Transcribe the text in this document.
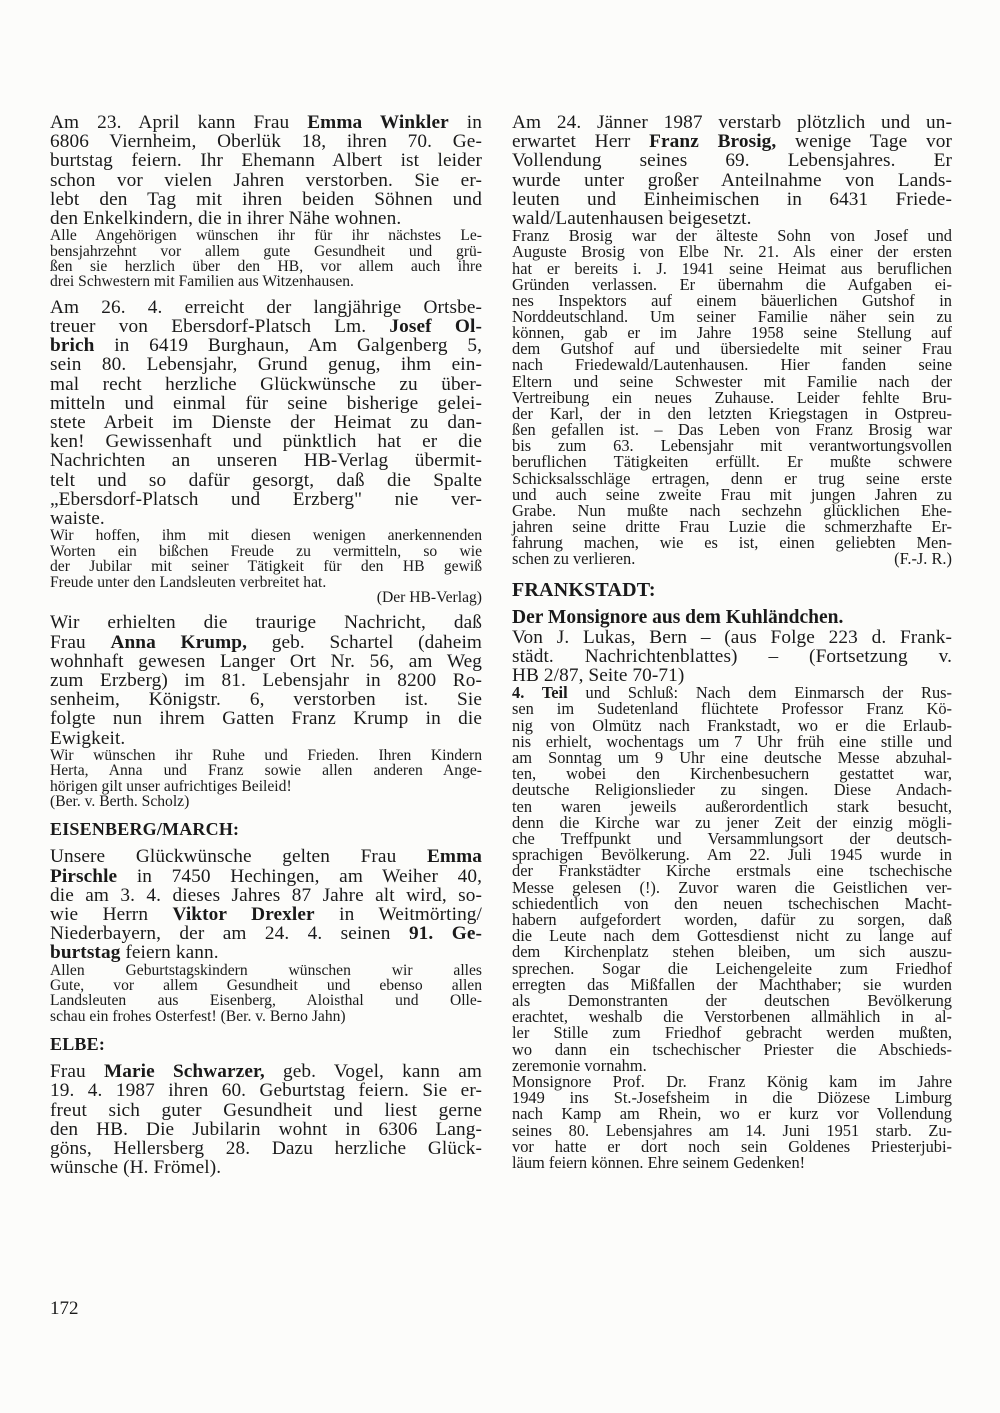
Am 23. April kann Frau Emma Winkler in
6806 Viernheim, Oberlük 18, ihren 70. Ge-
burtstag feiern. Ihr Ehemann Albert ist leider
schon vor vielen Jahren verstorben. Sie er-
lebt den Tag mit ihren beiden Söhnen und
den Enkelkindern, die in ihrer Nähe wohnen.
Alle Angehörigen wünschen ihr für ihr nächstes Le-
bensjahrzehnt vor allem gute Gesundheit und grü-
ßen sie herzlich über den HB, vor allem auch ihre
drei Schwestern mit Familien aus Witzenhausen.
Am 26. 4. erreicht der langjährige Ortsbe-
treuer von Ebersdorf-Platsch Lm. Josef Ol-
brich in 6419 Burghaun, Am Galgenberg 5,
sein 80. Lebensjahr, Grund genug, ihm ein-
mal recht herzliche Glückwünsche zu über-
mitteln und einmal für seine bisherige gelei-
stete Arbeit im Dienste der Heimat zu dan-
ken! Gewissenhaft und pünktlich hat er die
Nachrichten an unseren HB-Verlag übermit-
telt und so dafür gesorgt, daß die Spalte
„Ebersdorf-Platsch und Erzberg" nie ver-
waiste.
Wir hoffen, ihm mit diesen wenigen anerkennenden
Worten ein bißchen Freude zu vermitteln, so wie
der Jubilar mit seiner Tätigkeit für den HB gewiß
Freude unter den Landsleuten verbreitet hat.
(Der HB-Verlag)
Wir erhielten die traurige Nachricht, daß
Frau Anna Krump, geb. Schartel (daheim
wohnhaft gewesen Langer Ort Nr. 56, am Weg
zum Erzberg) im 81. Lebensjahr in 8200 Ro-
senheim, Königstr. 6, verstorben ist. Sie
folgte nun ihrem Gatten Franz Krump in die
Ewigkeit.
Wir wünschen ihr Ruhe und Frieden. Ihren Kindern
Herta, Anna und Franz sowie allen anderen Ange-
hörigen gilt unser aufrichtiges Beileid!
(Ber. v. Berth. Scholz)
EISENBERG/MARCH:
Unsere Glückwünsche gelten Frau Emma
Pirschle in 7450 Hechingen, am Weiher 40,
die am 3. 4. dieses Jahres 87 Jahre alt wird, so-
wie Herrn Viktor Drexler in Weitmörting/
Niederbayern, der am 24. 4. seinen 91. Ge-
burtstag feiern kann.
Allen Geburtstagskindern wünschen wir alles
Gute, vor allem Gesundheit und ebenso allen
Landsleuten aus Eisenberg, Aloisthal und Olle-
schau ein frohes Osterfest! (Ber. v. Berno Jahn)
ELBE:
Frau Marie Schwarzer, geb. Vogel, kann am
19. 4. 1987 ihren 60. Geburtstag feiern. Sie er-
freut sich guter Gesundheit und liest gerne
den HB. Die Jubilarin wohnt in 6306 Lang-
göns, Hellersberg 28. Dazu herzliche Glück-
wünsche (H. Frömel).
Am 24. Jänner 1987 verstarb plötzlich und un-
erwartet Herr Franz Brosig, wenige Tage vor
Vollendung seines 69. Lebensjahres. Er
wurde unter großer Anteilnahme von Lands-
leuten und Einheimischen in 6431 Friede-
wald/Lautenhausen beigesetzt.
Franz Brosig war der älteste Sohn von Josef und
Auguste Brosig von Elbe Nr. 21. Als einer der ersten
hat er bereits i. J. 1941 seine Heimat aus beruflichen
Gründen verlassen. Er übernahm die Aufgaben ei-
nes Inspektors auf einem bäuerlichen Gutshof in
Norddeutschland. Um seiner Familie näher sein zu
können, gab er im Jahre 1958 seine Stellung auf
dem Gutshof auf und übersiedelte mit seiner Frau
nach Friedewald/Lautenhausen. Hier fanden seine
Eltern und seine Schwester mit Familie nach der
Vertreibung ein neues Zuhause. Leider fehlte Bru-
der Karl, der in den letzten Kriegstagen in Ostpreu-
ßen gefallen ist. – Das Leben von Franz Brosig war
bis zum 63. Lebensjahr mit verantwortungsvollen
beruflichen Tätigkeiten erfüllt. Er mußte schwere
Schicksalsschläge ertragen, denn er trug seine erste
und auch seine zweite Frau mit jungen Jahren zu
Grabe. Nun mußte nach sechzehn glücklichen Ehe-
jahren seine dritte Frau Luzie die schmerzhafte Er-
fahrung machen, wie es ist, einen geliebten Men-
schen zu verlieren.	(F.-J. R.)
FRANKSTADT:
Der Monsignore aus dem Kuhländchen.
Von J. Lukas, Bern – (aus Folge 223 d. Frank-
städt. Nachrichtenblattes) – (Fortsetzung v.
HB 2/87, Seite 70-71)
4. Teil und Schluß: Nach dem Einmarsch der Rus-
sen im Sudetenland flüchtete Professor Franz Kö-
nig von Olmütz nach Frankstadt, wo er die Erlaub-
nis erhielt, wochentags um 7 Uhr früh eine stille und
am Sonntag um 9 Uhr eine deutsche Messe abzuhal-
ten, wobei den Kirchenbesuchern gestattet war,
deutsche Religionslieder zu singen. Diese Andach-
ten waren jeweils außerordentlich stark besucht,
denn die Kirche war zu jener Zeit der einzig mögli-
che Treffpunkt und Versammlungsort der deutsch-
sprachigen Bevölkerung. Am 22. Juli 1945 wurde in
der Frankstädter Kirche erstmals eine tschechische
Messe gelesen (!). Zuvor waren die Geistlichen ver-
schiedentlich von den neuen tschechischen Macht-
habern aufgefordert worden, dafür zu sorgen, daß
die Leute nach dem Gottesdienst nicht zu lange auf
dem Kirchenplatz stehen bleiben, um sich auszu-
sprechen. Sogar die Leichengeleite zum Friedhof
erregten das Mißfallen der Machthaber; sie wurden
als Demonstranten der deutschen Bevölkerung
erachtet, weshalb die Verstorbenen allmählich in al-
ler Stille zum Friedhof gebracht werden mußten,
wo dann ein tschechischer Priester die Abschieds-
zeremonie vornahm.
Monsignore Prof. Dr. Franz König kam im Jahre
1949 ins St.-Josefsheim in die Diözese Limburg
nach Kamp am Rhein, wo er kurz vor Vollendung
seines 80. Lebensjahres am 14. Juni 1951 starb. Zu-
vor hatte er dort noch sein Goldenes Priesterjubi-
läum feiern können. Ehre seinem Gedenken!
172
